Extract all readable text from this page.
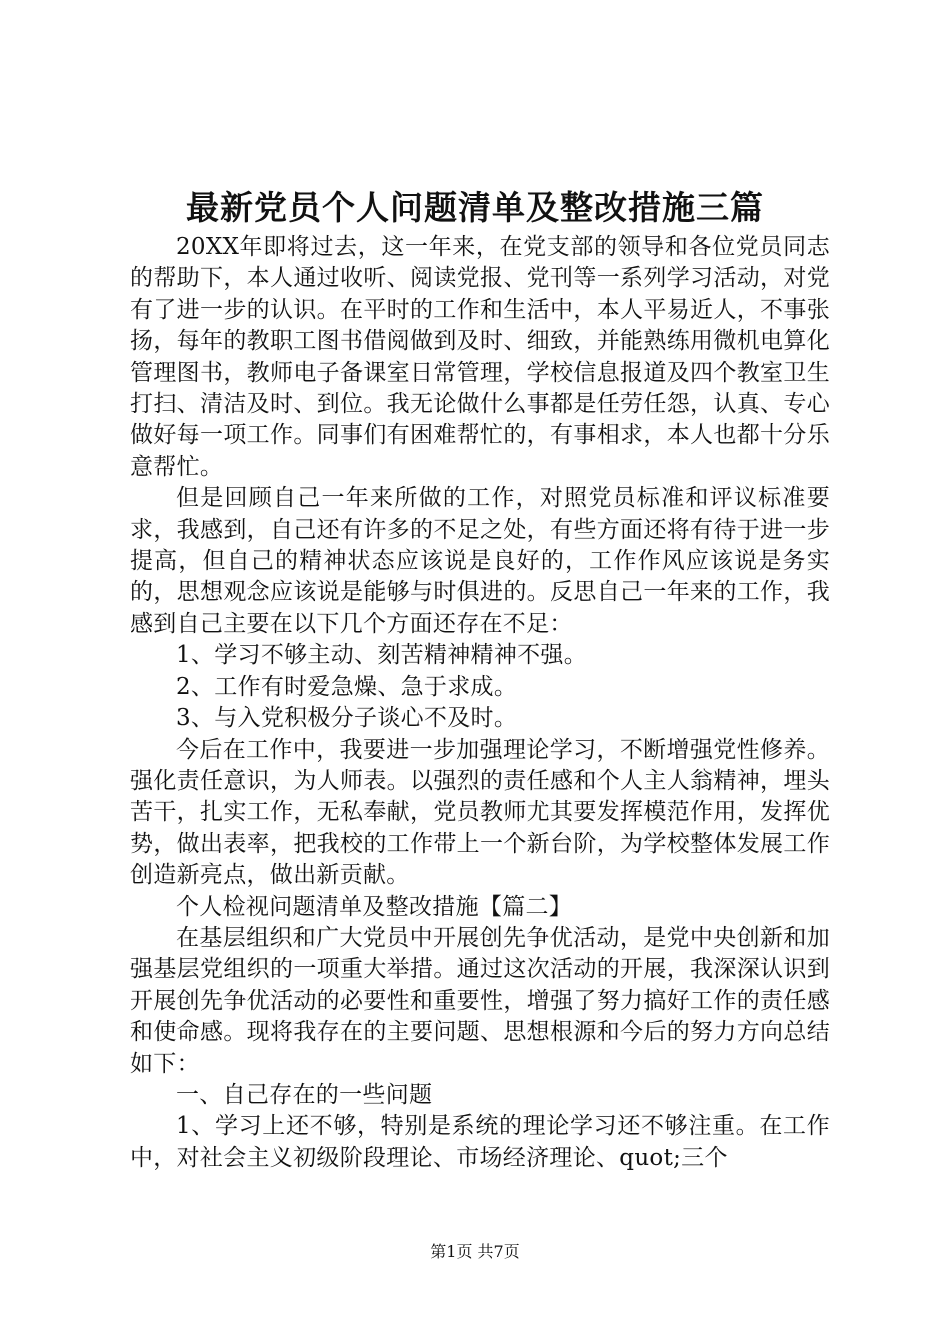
最新党员个人问题清单及整改措施三篇

20XX年即将过去，这一年来，在党支部的领导和各位党员同志的帮助下，本人通过收听、阅读党报、党刊等一系列学习活动，对党有了进一步的认识。在平时的工作和生活中，本人平易近人，不事张扬，每年的教职工图书借阅做到及时、细致，并能熟练用微机电算化管理图书，教师电子备课室日常管理，学校信息报道及四个教室卫生打扫、清洁及时、到位。我无论做什么事都是任劳任怨，认真、专心做好每一项工作。同事们有困难帮忙的，有事相求，本人也都十分乐意帮忙。

但是回顾自己一年来所做的工作，对照党员标准和评议标准要求，我感到，自己还有许多的不足之处，有些方面还将有待于进一步提高，但自己的精神状态应该说是良好的，工作作风应该说是务实的，思想观念应该说是能够与时俱进的。反思自己一年来的工作，我感到自己主要在以下几个方面还存在不足：

1、学习不够主动、刻苦精神精神不强。

2、工作有时爱急燥、急于求成。

3、与入党积极分子谈心不及时。

今后在工作中，我要进一步加强理论学习，不断增强党性修养。强化责任意识，为人师表。以强烈的责任感和个人主人翁精神，埋头苦干，扎实工作，无私奉献，党员教师尤其要发挥模范作用，发挥优势，做出表率，把我校的工作带上一个新台阶，为学校整体发展工作创造新亮点，做出新贡献。

个人检视问题清单及整改措施【篇二】

在基层组织和广大党员中开展创先争优活动，是党中央创新和加强基层党组织的一项重大举措。通过这次活动的开展，我深深认识到开展创先争优活动的必要性和重要性，增强了努力搞好工作的责任感和使命感。现将我存在的主要问题、思想根源和今后的努力方向总结如下：

一、自己存在的一些问题

1、学习上还不够，特别是系统的理论学习还不够注重。在工作中，对社会主义初级阶段理论、市场经济理论、quot;三个

第1页 共7页
